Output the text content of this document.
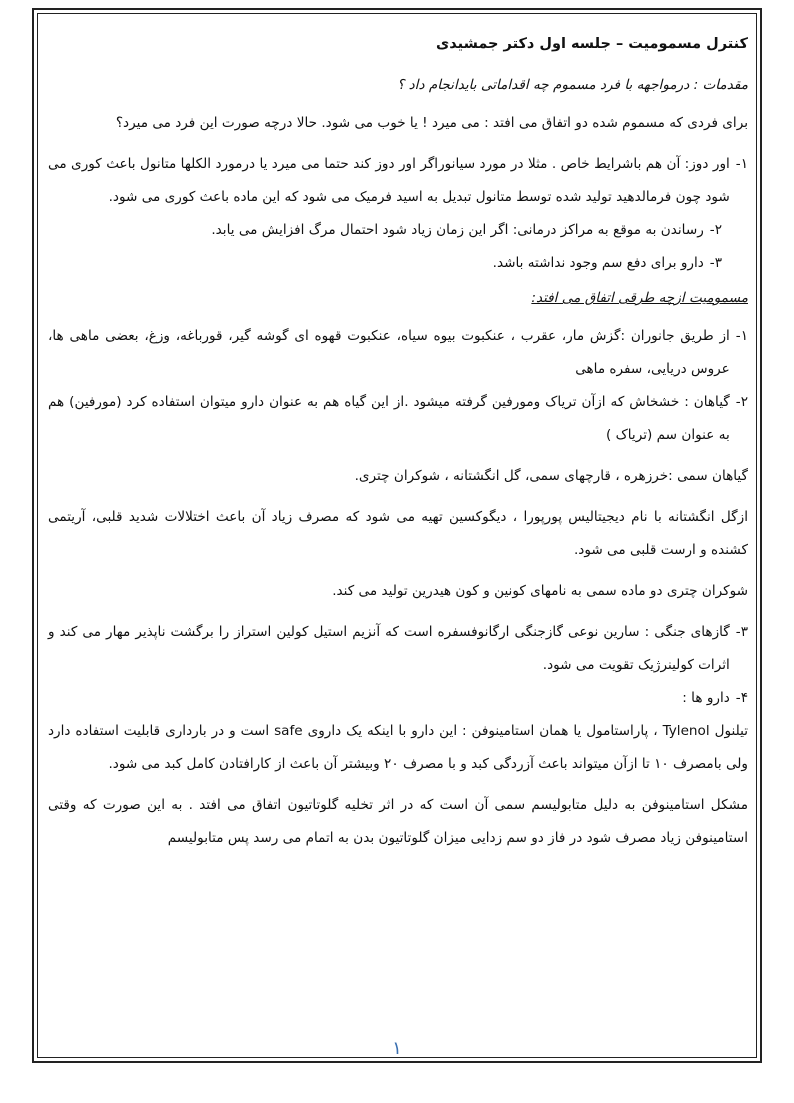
کنترل مسمومیت – جلسه اول دکتر جمشیدی

مقدمات : درمواجهه با فرد مسموم چه اقداماتی بایدانجام داد ؟

برای فردی که مسموم شده دو اتفاق می افتد : می میرد ! یا خوب می شود. حالا درچه صورت این فرد می میرد؟

۱-
اور دوز: آن هم باشرایط خاص . مثلا در مورد سیانوراگر اور دوز کند حتما می میرد یا درمورد الکلها متانول باعث کوری می شود چون فرمالدهید تولید شده توسط متانول تبدیل به اسید فرمیک می شود که این ماده باعث کوری می شود.
۲-
رساندن به موقع به مراکز درمانی: اگر این زمان زیاد شود احتمال مرگ افزایش می یابد.
۳-
دارو برای دفع سم وجود نداشته باشد.

مسمومیت ازچه طرقی اتفاق می افتد:

۱-
از طریق جانوران :گزش مار، عقرب ، عنکبوت بیوه سیاه، عنکبوت قهوه ای گوشه گیر، قورباغه، وزغ، بعضی ماهی ها، عروس دریایی، سفره ماهی
۲-
گیاهان : خشخاش که ازآن تریاک ومورفین گرفته میشود .از این گیاه هم به عنوان دارو میتوان استفاده کرد (مورفین) هم به عنوان سم (تریاک )

گیاهان سمی :خرزهره ، قارچهای سمی، گل انگشتانه ، شوکران چتری.

ازگل انگشتانه با نام دیجیتالیس پورپورا ، دیگوکسین تهیه می شود که مصرف زیاد آن باعث اختلالات شدید قلبی، آریتمی کشنده و ارست قلبی می شود.

شوکران چتری دو ماده سمی به نامهای کونین و کون هیدرین تولید می کند.

۳-
گازهای جنگی : سارین نوعی گازجنگی ارگانوفسفره است که آنزیم استیل کولین استراز را برگشت ناپذیر مهار می کند و اثرات کولینرژیک تقویت می شود.
۴-
دارو ها :

تیلنول Tylenol ، پاراستامول یا همان استامینوفن : این دارو با اینکه یک داروی safe است و در بارداری قابلیت استفاده دارد ولی بامصرف ۱۰ تا ازآن میتواند باعث آزردگی کبد و با مصرف ۲۰ وبیشتر آن باعث از کارافتادن کامل کبد می شود.

مشکل استامینوفن به دلیل متابولیسم سمی آن است که در اثر تخلیه گلوتاتیون اتفاق می افتد . به این صورت که وقتی استامینوفن زیاد مصرف شود در فاز دو سم زدایی میزان گلوتاتیون بدن به اتمام می رسد پس متابولیسم

۱
